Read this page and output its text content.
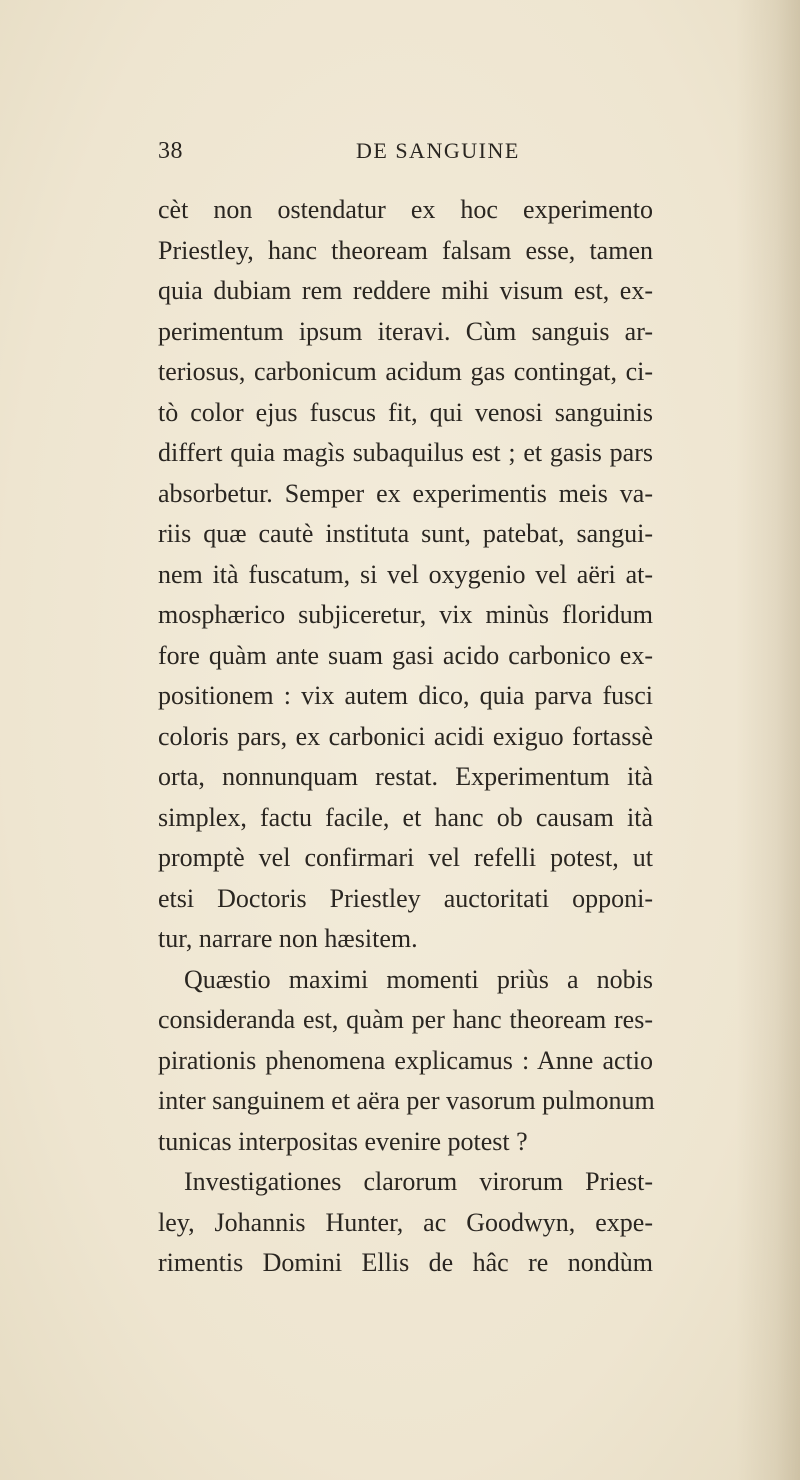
38	DE SANGUINE
cèt non ostendatur ex hoc experimento
Priestley, hanc theoream falsam esse, tamen
quia dubiam rem reddere mihi visum est, ex-
perimentum ipsum iteravi. Cùm sanguis ar-
teriosus, carbonicum acidum gas contingat, ci-
tò color ejus fuscus fit, qui venosi sanguinis
differt quia magìs subaquilus est ; et gasis pars
absorbetur. Semper ex experimentis meis va-
riis quæ cautè instituta sunt, patebat, sangui-
nem ità fuscatum, si vel oxygenio vel aëri at-
mosphærico subjiceretur, vix minùs floridum
fore quàm ante suam gasi acido carbonico ex-
positionem : vix autem dico, quia parva fusci
coloris pars, ex carbonici acidi exiguo fortassè
orta, nonnunquam restat. Experimentum ità
simplex, factu facile, et hanc ob causam ità
promptè vel confirmari vel refelli potest, ut
etsi Doctoris Priestley auctoritati opponi-
tur, narrare non hæsitem.
Quæstio maximi momenti priùs a nobis
consideranda est, quàm per hanc theoream res-
pirationis phenomena explicamus : Anne actio
inter sanguinem et aëra per vasorum pulmonum
tunicas interpositas evenire potest ?
Investigationes clarorum virorum Priest-
ley, Johannis Hunter, ac Goodwyn, expe-
rimentis Domini Ellis de hâc re nondùm
